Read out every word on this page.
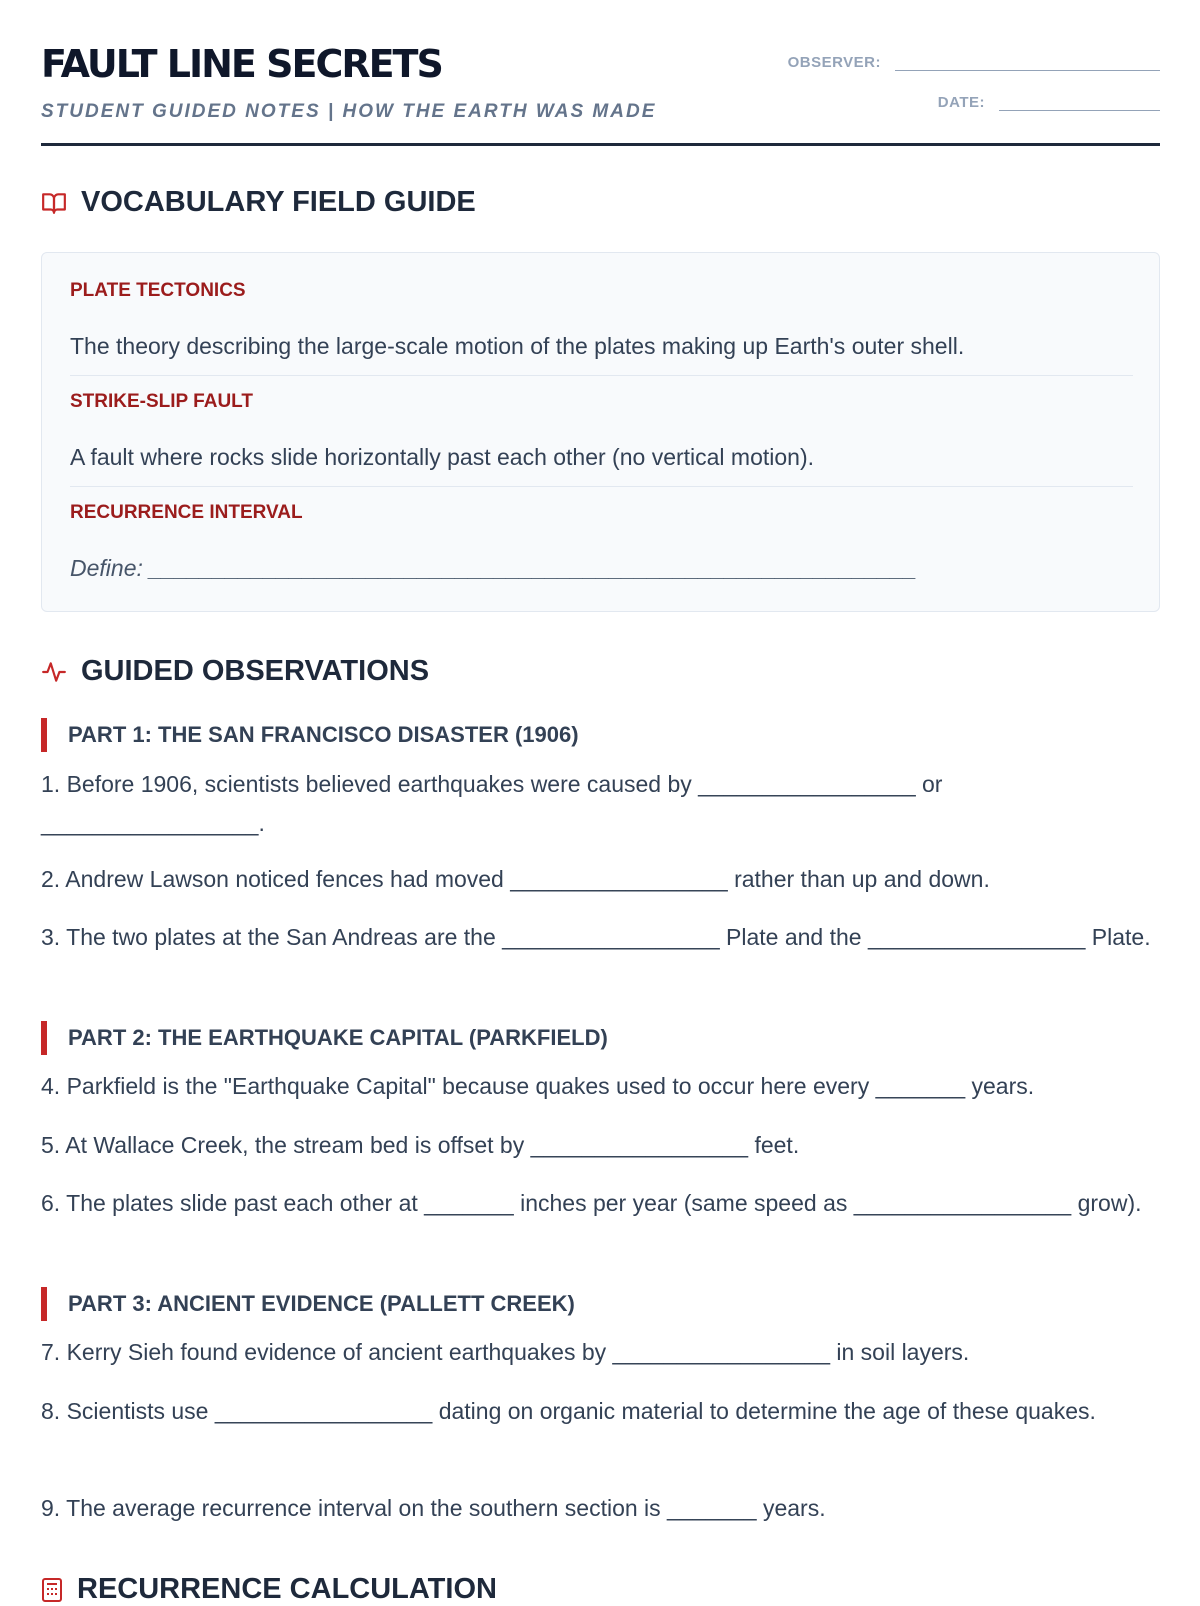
FAULT LINE SECRETS

STUDENT GUIDED NOTES | HOW THE EARTH WAS MADE

OBSERVER:
DATE:
VOCABULARY FIELD GUIDE
PLATE TECTONICS
The theory describing the large-scale motion of the plates making up Earth's outer shell.
STRIKE-SLIP FAULT
A fault where rocks slide horizontally past each other (no vertical motion).
RECURRENCE INTERVAL
Define: ____________________________________________________________
GUIDED OBSERVATIONS
PART 1: THE SAN FRANCISCO DISASTER (1906)
1. Before 1906, scientists believed earthquakes were caused by _________________ or _________________.
2. Andrew Lawson noticed fences had moved _________________ rather than up and down.
3. The two plates at the San Andreas are the _________________ Plate and the _________________ Plate.
PART 2: THE EARTHQUAKE CAPITAL (PARKFIELD)
4. Parkfield is the "Earthquake Capital" because quakes used to occur here every _______ years.
5. At Wallace Creek, the stream bed is offset by _________________ feet.
6. The plates slide past each other at _______ inches per year (same speed as _________________ grow).
PART 3: ANCIENT EVIDENCE (PALLETT CREEK)
7. Kerry Sieh found evidence of ancient earthquakes by _________________ in soil layers.
8. Scientists use _________________ dating on organic material to determine the age of these quakes.
9. The average recurrence interval on the southern section is _______ years.
RECURRENCE CALCULATION
